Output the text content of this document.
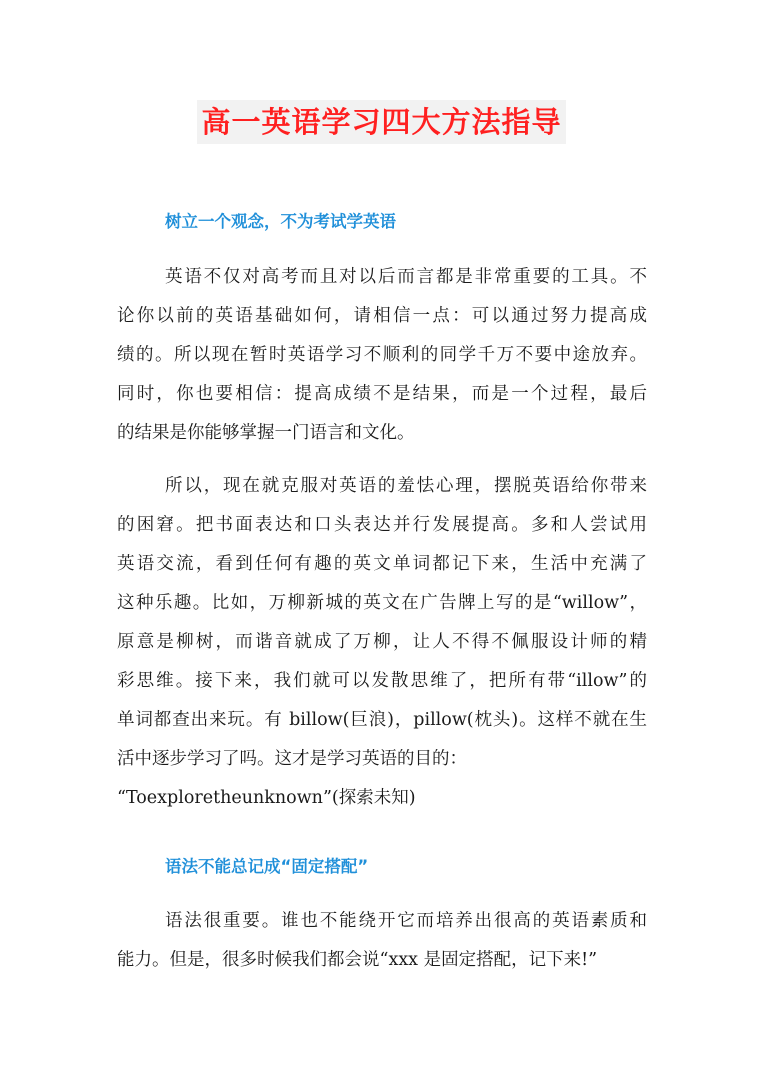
高一英语学习四大方法指导
树立一个观念，不为考试学英语
英语不仅对高考而且对以后而言都是非常重要的工具。不
论你以前的英语基础如何，请相信一点：可以通过努力提高成
绩的。所以现在暂时英语学习不顺利的同学千万不要中途放弃。
同时，你也要相信：提高成绩不是结果，而是一个过程，最后
的结果是你能够掌握一门语言和文化。
所以，现在就克服对英语的羞怯心理，摆脱英语给你带来
的困窘。把书面表达和口头表达并行发展提高。多和人尝试用
英语交流，看到任何有趣的英文单词都记下来，生活中充满了
这种乐趣。比如，万柳新城的英文在广告牌上写的是“willow”，
原意是柳树，而谐音就成了万柳，让人不得不佩服设计师的精
彩思维。接下来，我们就可以发散思维了，把所有带“illow”的
单词都查出来玩。有 billow(巨浪)，pillow(枕头)。这样不就在生
活中逐步学习了吗。这才是学习英语的目的：
“Toexploretheunknown”(探索未知)
语法不能总记成“固定搭配”
语法很重要。谁也不能绕开它而培养出很高的英语素质和
能力。但是，很多时候我们都会说“xxx 是固定搭配，记下来!”
